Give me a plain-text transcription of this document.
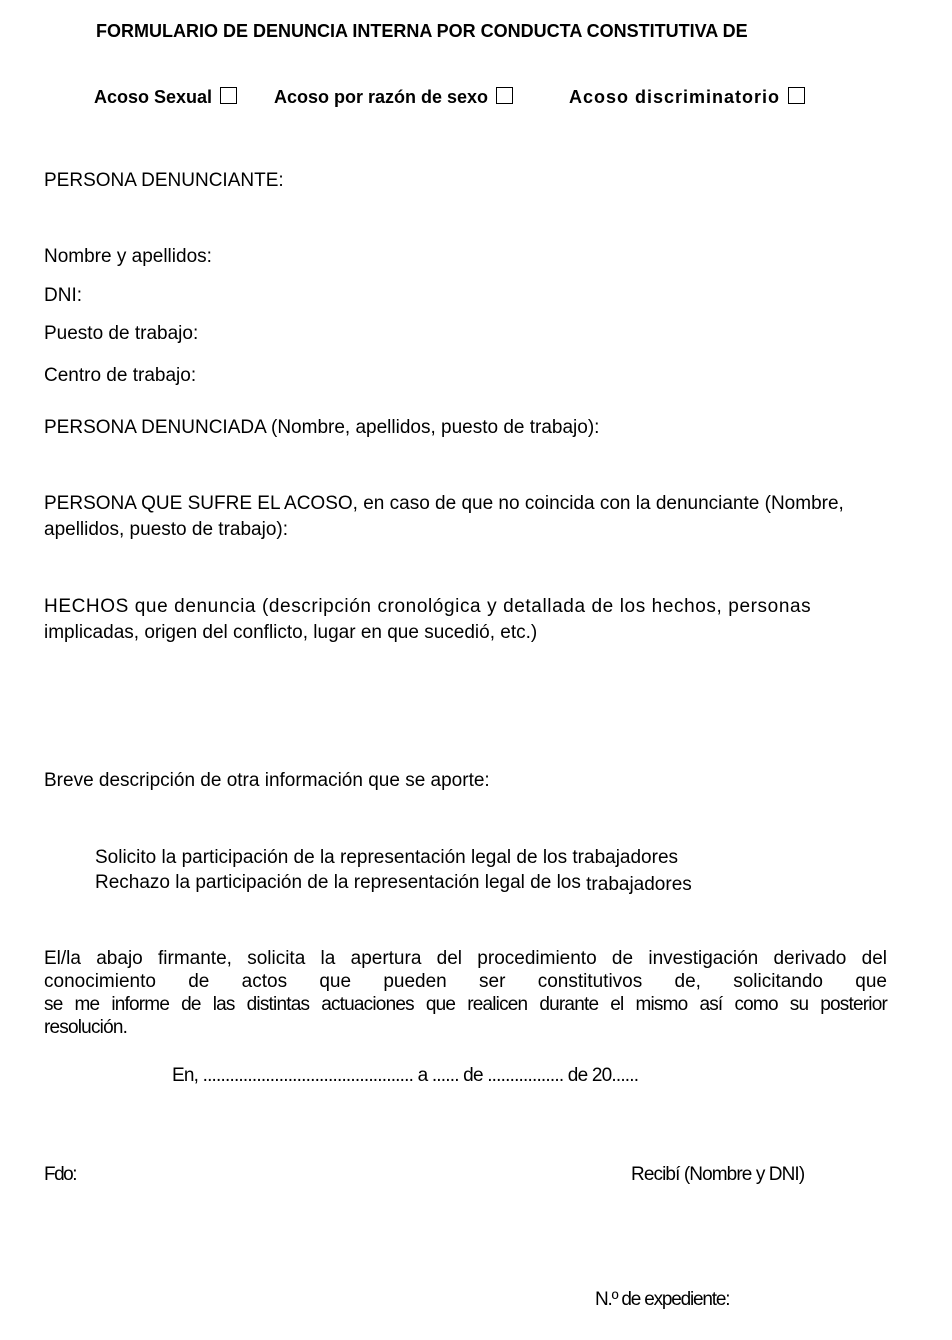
FORMULARIO DE DENUNCIA INTERNA POR CONDUCTA CONSTITUTIVA DE
Acoso Sexual	Acoso por razón de sexo	Acoso discriminatorio
PERSONA DENUNCIANTE:
Nombre y apellidos:
DNI:
Puesto de trabajo:
Centro de trabajo:
PERSONA DENUNCIADA (Nombre, apellidos, puesto de trabajo):
PERSONA QUE SUFRE EL ACOSO, en caso de que no coincida con la denunciante (Nombre,
apellidos, puesto de trabajo):
HECHOS que denuncia (descripción cronológica y detallada de los hechos, personas
implicadas, origen del conflicto, lugar en que sucedió, etc.)
Breve descripción de otra información que se aporte:
Solicito la participación de la representación legal de los trabajadores
Rechazo la participación de la representación legal de los trabajadores
El/la abajo firmante, solicita la apertura del procedimiento de investigación derivado del
conocimiento de actos que pueden ser constitutivos de, solicitando que
se me informe de las distintas actuaciones que realicen durante el mismo así como su posterior
resolución.
En, ............................................... a ...... de ................. de 20......
Fdo:	Recibí (Nombre y DNI)
N.º de expediente:
